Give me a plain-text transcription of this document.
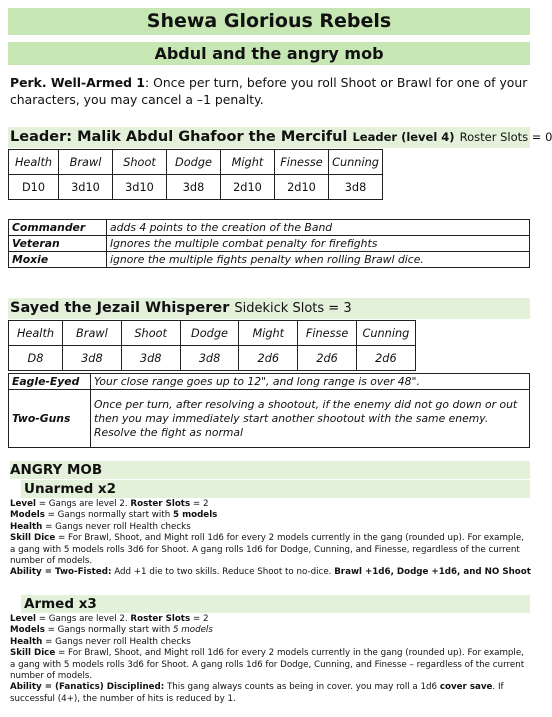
Shewa Glorious Rebels
Abdul and the angry mob
Perk. Well-Armed 1: Once per turn, before you roll Shoot or Brawl for one of your characters, you may cancel a –1 penalty.
Leader: Malik Abdul Ghafoor the Merciful Leader (level 4) Roster Slots = 0
Health	Brawl	Shoot	Dodge	Might	Finesse	Cunning
D10	3d10	3d10	3d8	2d10	2d10	3d8
Commander	adds 4 points to the creation of the Band
Veteran	Ignores the multiple combat penalty for firefights
Moxie	ignore the multiple fights penalty when rolling Brawl dice.
Sayed the Jezail Whisperer Sidekick Slots = 3
Health	Brawl	Shoot	Dodge	Might	Finesse	Cunning
D8	3d8	3d8	3d8	2d6	2d6	2d6
Eagle-Eyed	Your close range goes up to 12", and long range is over 48".
Two-Guns	Once per turn, after resolving a shootout, if the enemy did not go down or out then you may immediately start another shootout with the same enemy. Resolve the fight as normal
ANGRY MOB
Unarmed x2
Level = Gangs are level 2. Roster Slots = 2
Models = Gangs normally start with 5 models
Health = Gangs never roll Health checks
Skill Dice = For Brawl, Shoot, and Might roll 1d6 for every 2 models currently in the gang (rounded up). For example, a gang with 5 models rolls 3d6 for Shoot. A gang rolls 1d6 for Dodge, Cunning, and Finesse, regardless of the current number of models.
Ability = Two-Fisted: Add +1 die to two skills. Reduce Shoot to no-dice. Brawl +1d6, Dodge +1d6, and NO Shoot
Armed x3
Level = Gangs are level 2. Roster Slots = 2
Models = Gangs normally start with 5 models
Health = Gangs never roll Health checks
Skill Dice = For Brawl, Shoot, and Might roll 1d6 for every 2 models currently in the gang (rounded up). For example, a gang with 5 models rolls 3d6 for Shoot. A gang rolls 1d6 for Dodge, Cunning, and Finesse – regardless of the current number of models.
Ability = (Fanatics) Disciplined: This gang always counts as being in cover. you may roll a 1d6 cover save. If successful (4+), the number of hits is reduced by 1.
